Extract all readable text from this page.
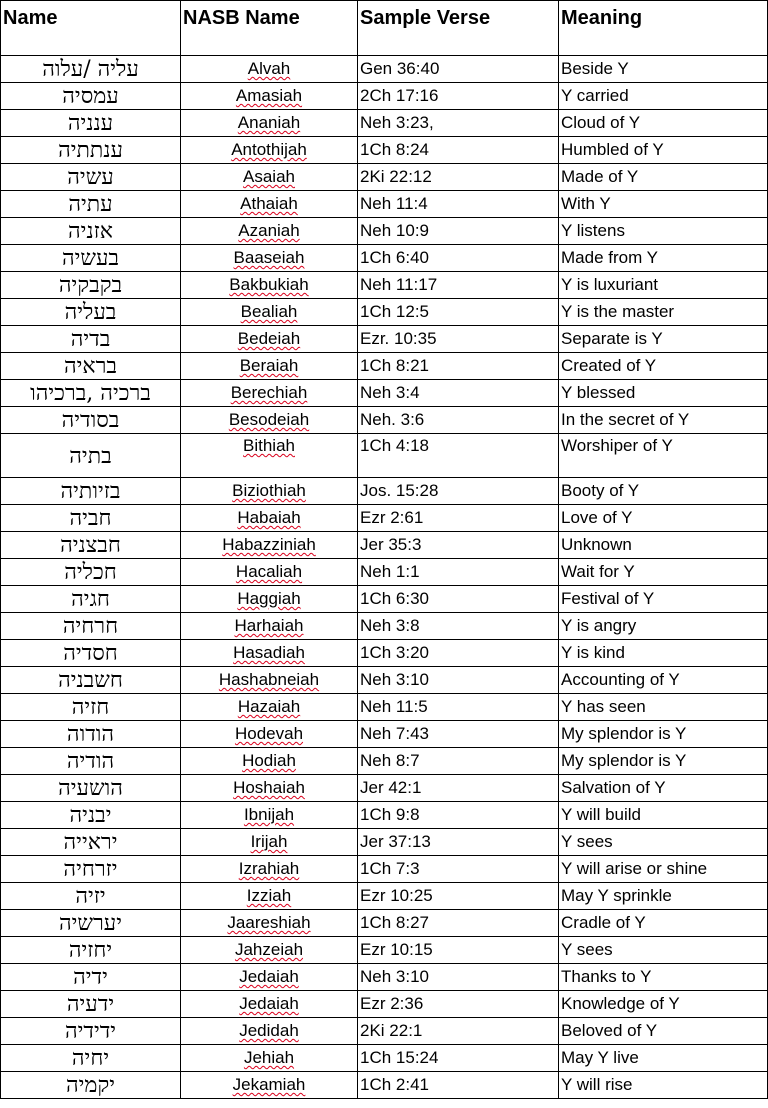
Name	NASB Name	Sample Verse	Meaning
עליה /עלוה	Alvah	Gen 36:40	Beside Y
עמסיה	Amasiah	2Ch 17:16	Y carried
ענניה	Ananiah	Neh 3:23,	Cloud of Y
ענתתיה	Antothijah	1Ch 8:24	Humbled of Y
עשיה	Asaiah	2Ki 22:12	Made of Y
עתיה	Athaiah	Neh 11:4	With Y
אזניה	Azaniah	Neh 10:9	Y listens
בעשיה	Baaseiah	1Ch 6:40	Made from Y
בקבקיה	Bakbukiah	Neh 11:17	Y is luxuriant
בעליה	Bealiah	1Ch 12:5	Y is the master
בדיה	Bedeiah	Ezr. 10:35	Separate is Y
בראיה	Beraiah	1Ch 8:21	Created of Y
ברכיה ,ברכיהו	Berechiah	Neh 3:4	Y blessed
בסודיה	Besodeiah	Neh. 3:6	In the secret of Y
בתיה	Bithiah	1Ch 4:18	Worshiper of Y
בזיותיה	Biziothiah	Jos. 15:28	Booty of Y
חביה	Habaiah	Ezr 2:61	Love of Y
חבצניה	Habazziniah	Jer 35:3	Unknown
חכליה	Hacaliah	Neh 1:1	Wait for Y
חגיה	Haggiah	1Ch 6:30	Festival of Y
חרחיה	Harhaiah	Neh 3:8	Y is angry
חסדיה	Hasadiah	1Ch 3:20	Y is kind
חשבניה	Hashabneiah	Neh 3:10	Accounting of Y
חזיה	Hazaiah	Neh 11:5	Y has seen
הודוה	Hodevah	Neh 7:43	My splendor is Y
הודיה	Hodiah	Neh 8:7	My splendor is Y
הושעיה	Hoshaiah	Jer 42:1	Salvation of Y
יבניה	Ibnijah	1Ch 9:8	Y will build
יראייה	Irijah	Jer 37:13	Y sees
יזרחיה	Izrahiah	1Ch 7:3	Y will arise or shine
יזיה	Izziah	Ezr 10:25	May Y sprinkle
יערשיה	Jaareshiah	1Ch 8:27	Cradle of Y
יחזיה	Jahzeiah	Ezr 10:15	Y sees
ידיה	Jedaiah	Neh 3:10	Thanks to Y
ידעיה	Jedaiah	Ezr 2:36	Knowledge of Y
ידידיה	Jedidah	2Ki 22:1	Beloved of Y
יחיה	Jehiah	1Ch 15:24	May Y live
יקמיה	Jekamiah	1Ch 2:41	Y will rise
